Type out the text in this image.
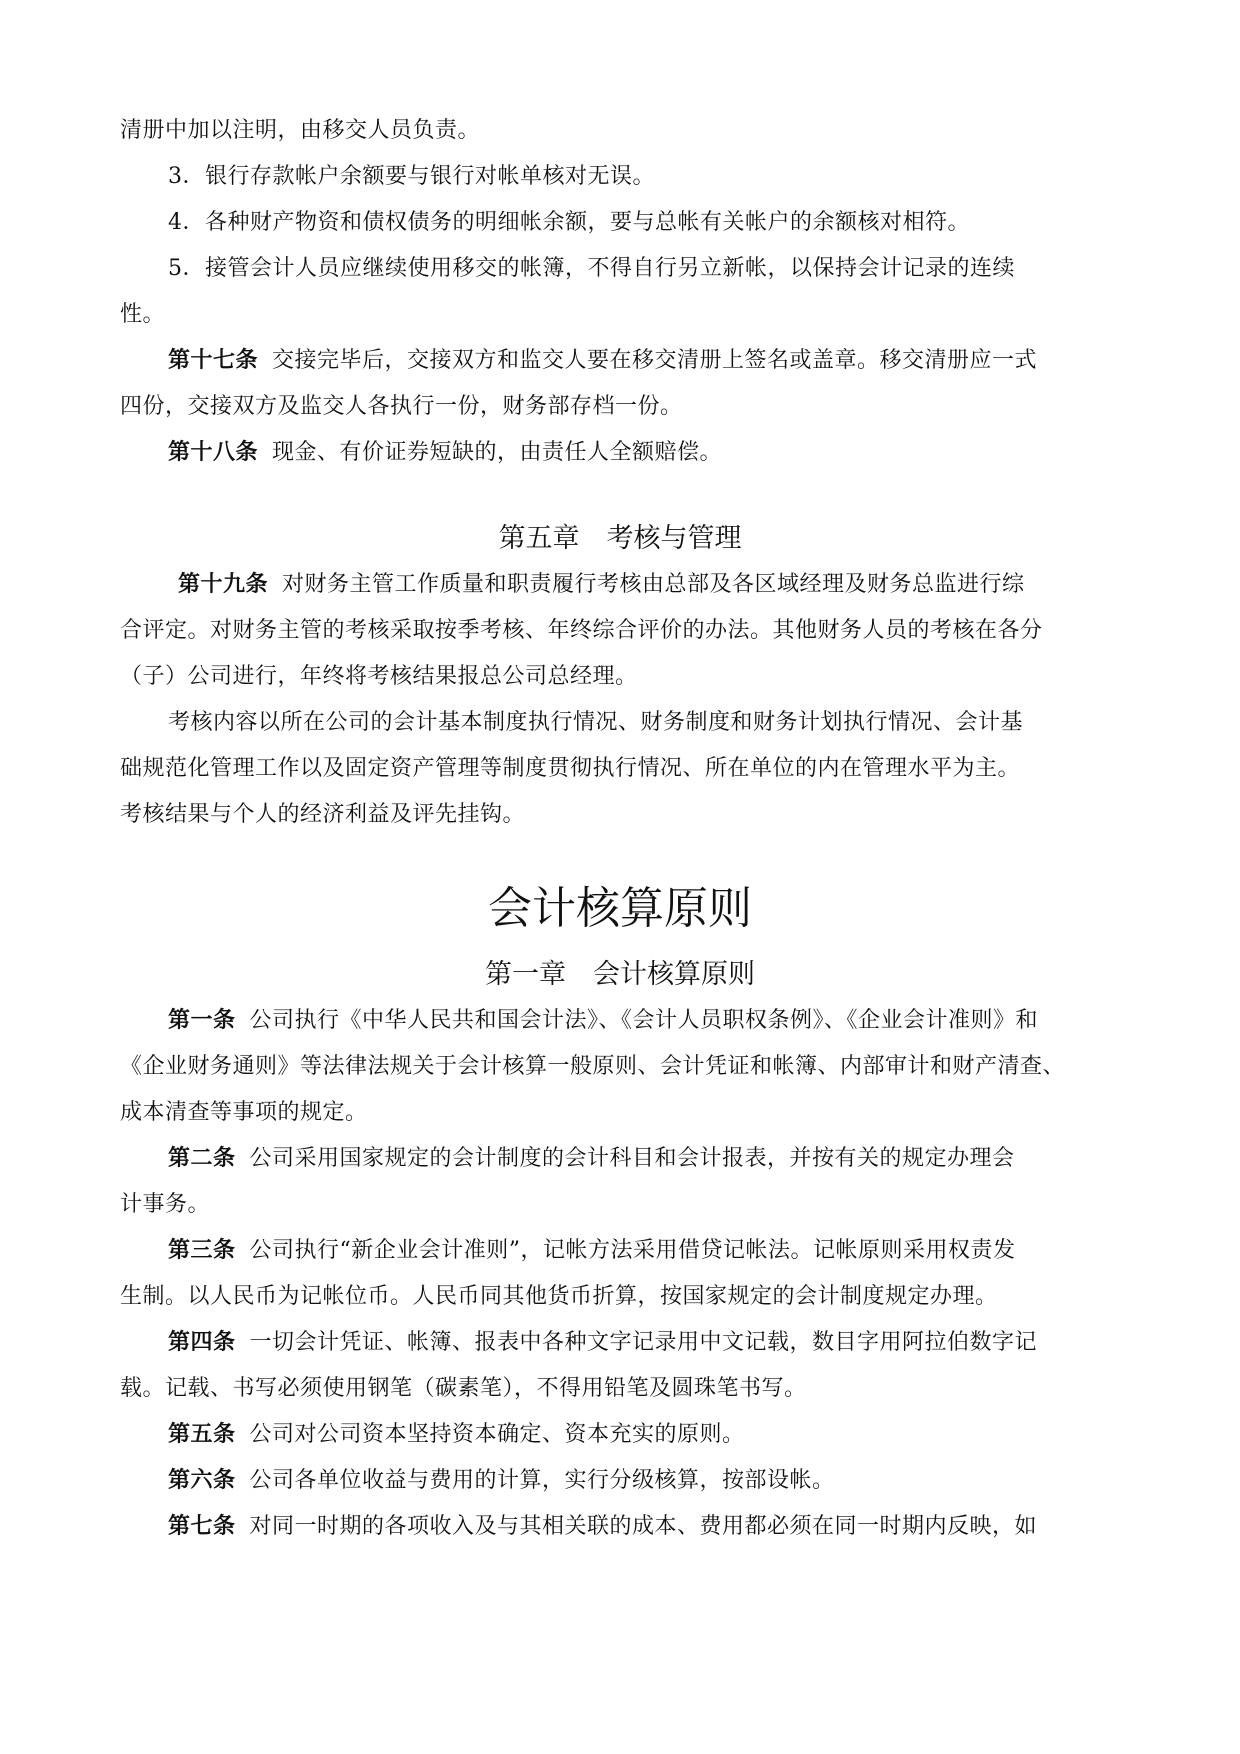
清册中加以注明，由移交人员负责。
3．银行存款帐户余额要与银行对帐单核对无误。
4．各种财产物资和债权债务的明细帐余额，要与总帐有关帐户的余额核对相符。
5．接管会计人员应继续使用移交的帐簿，不得自行另立新帐，以保持会计记录的连续
性。
第十七条 交接完毕后，交接双方和监交人要在移交清册上签名或盖章。移交清册应一式
四份，交接双方及监交人各执行一份，财务部存档一份。
第十八条 现金、有价证券短缺的，由责任人全额赔偿。
第五章　考核与管理
第十九条 对财务主管工作质量和职责履行考核由总部及各区域经理及财务总监进行综
合评定。对财务主管的考核采取按季考核、年终综合评价的办法。其他财务人员的考核在各分
（子）公司进行，年终将考核结果报总公司总经理。
考核内容以所在公司的会计基本制度执行情况、财务制度和财务计划执行情况、会计基
础规范化管理工作以及固定资产管理等制度贯彻执行情况、所在单位的内在管理水平为主。
考核结果与个人的经济利益及评先挂钩。
会计核算原则
第一章　会计核算原则
第一条 公司执行《中华人民共和国会计法》、《会计人员职权条例》、《企业会计准则》和
《企业财务通则》等法律法规关于会计核算一般原则、会计凭证和帐簿、内部审计和财产清查、
成本清查等事项的规定。
第二条 公司采用国家规定的会计制度的会计科目和会计报表，并按有关的规定办理会
计事务。
第三条 公司执行“新企业会计准则”，记帐方法采用借贷记帐法。记帐原则采用权责发
生制。以人民币为记帐位币。人民币同其他货币折算，按国家规定的会计制度规定办理。
第四条 一切会计凭证、帐簿、报表中各种文字记录用中文记载，数目字用阿拉伯数字记
载。记载、书写必须使用钢笔（碳素笔），不得用铅笔及圆珠笔书写。
第五条 公司对公司资本坚持资本确定、资本充实的原则。
第六条 公司各单位收益与费用的计算，实行分级核算，按部设帐。
第七条 对同一时期的各项收入及与其相关联的成本、费用都必须在同一时期内反映，如
